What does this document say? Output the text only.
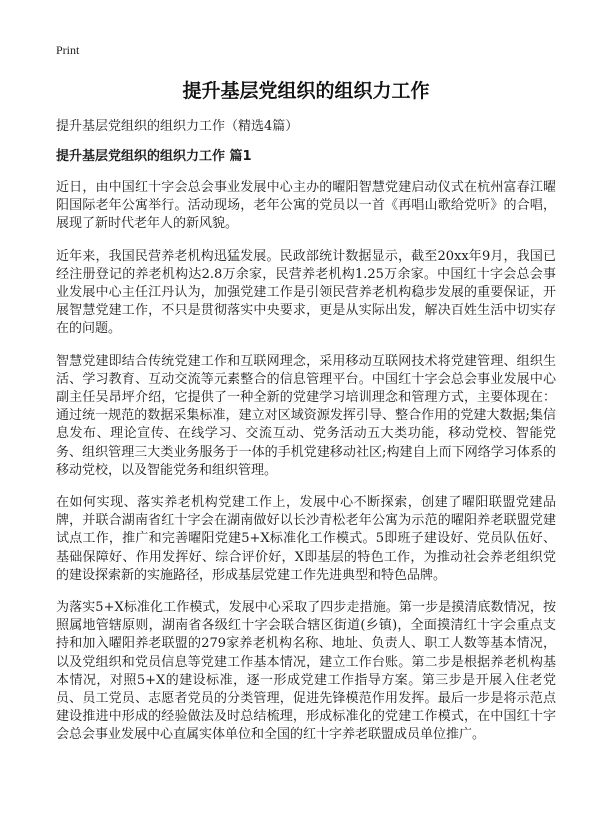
Print
提升基层党组织的组织力工作
提升基层党组织的组织力工作（精选4篇）
提升基层党组织的组织力工作 篇1

近日，由中国红十字会总会事业发展中心主办的曜阳智慧党建启动仪式在杭州富春江曜阳国际老年公寓举行。活动现场，老年公寓的党员以一首《再唱山歌给党听》的合唱，展现了新时代老年人的新风貌。

近年来，我国民营养老机构迅猛发展。民政部统计数据显示，截至20xx年9月，我国已经注册登记的养老机构达2.8万余家，民营养老机构1.25万余家。中国红十字会总会事业发展中心主任江丹认为，加强党建工作是引领民营养老机构稳步发展的重要保证，开展智慧党建工作，不只是贯彻落实中央要求，更是从实际出发，解决百姓生活中切实存在的问题。

智慧党建即结合传统党建工作和互联网理念，采用移动互联网技术将党建管理、组织生活、学习教育、互动交流等元素整合的信息管理平台。中国红十字会总会事业发展中心副主任吴昂坪介绍，它提供了一种全新的党建学习培训理念和管理方式，主要体现在：通过统一规范的数据采集标准，建立对区域资源发挥引导、整合作用的党建大数据;集信息发布、理论宣传、在线学习、交流互动、党务活动五大类功能，移动党校、智能党务、组织管理三大类业务服务于一体的手机党建移动社区;构建自上而下网络学习体系的移动党校，以及智能党务和组织管理。

在如何实现、落实养老机构党建工作上，发展中心不断探索，创建了曜阳联盟党建品牌，并联合湖南省红十字会在湖南做好以长沙青松老年公寓为示范的曜阳养老联盟党建试点工作，推广和完善曜阳党建5+X标准化工作模式。5即班子建设好、党员队伍好、基础保障好、作用发挥好、综合评价好，X即基层的特色工作，为推动社会养老组织党的建设探索新的实施路径，形成基层党建工作先进典型和特色品牌。

为落实5+X标准化工作模式，发展中心采取了四步走措施。第一步是摸清底数情况，按照属地管辖原则，湖南省各级红十字会联合辖区街道(乡镇)，全面摸清红十字会重点支持和加入曜阳养老联盟的279家养老机构名称、地址、负责人、职工人数等基本情况，以及党组织和党员信息等党建工作基本情况，建立工作台账。第二步是根据养老机构基本情况，对照5+X的建设标准，逐一形成党建工作指导方案。第三步是开展入住老党员、员工党员、志愿者党员的分类管理，促进先锋模范作用发挥。最后一步是将示范点建设推进中形成的经验做法及时总结梳理，形成标准化的党建工作模式，在中国红十字会总会事业发展中心直属实体单位和全国的红十字养老联盟成员单位推广。
